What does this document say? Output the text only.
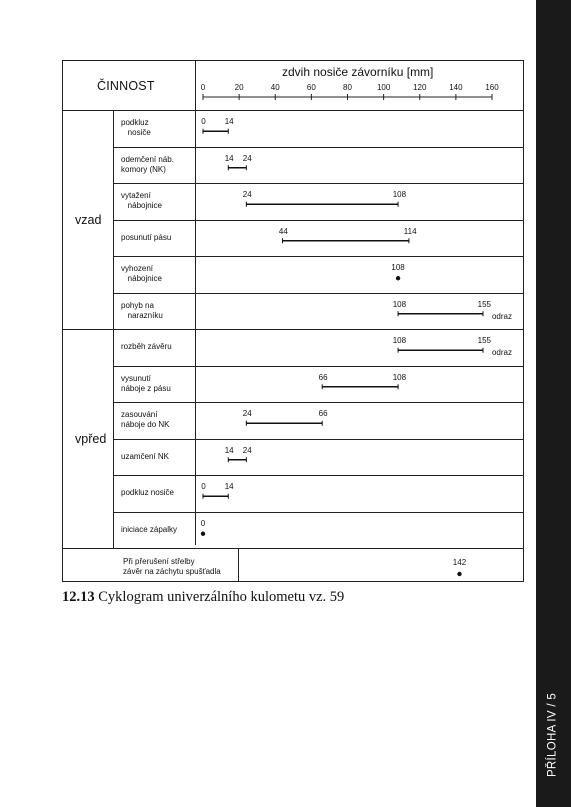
PŘÍLOHA IV / 5
ČINNOST
zdvih nosiče závorníku [mm]
0	20	40	60	80	100	120	140	160
vzad
podkluz
nosiče
0 14
odemčení náb.
komory (NK)
14 24
vytažení
nábojnice
24	108
posunutí pásu
44	114
vyhození
nábojnice
108
pohyb na
narazníku
108	155
odraz
vpřed
rozběh závěru
108	155
odraz
vysunutí
náboje z pásu
66	108
zasouvání
náboje do NK
24	66
uzamčení NK
14 24
podkluz nosiče
0 14
iniciace zápalky
0
Při přerušení střelby
závěr na záchytu spušťadla
142
12.13 Cyklogram univerzálního kulometu vz. 59
